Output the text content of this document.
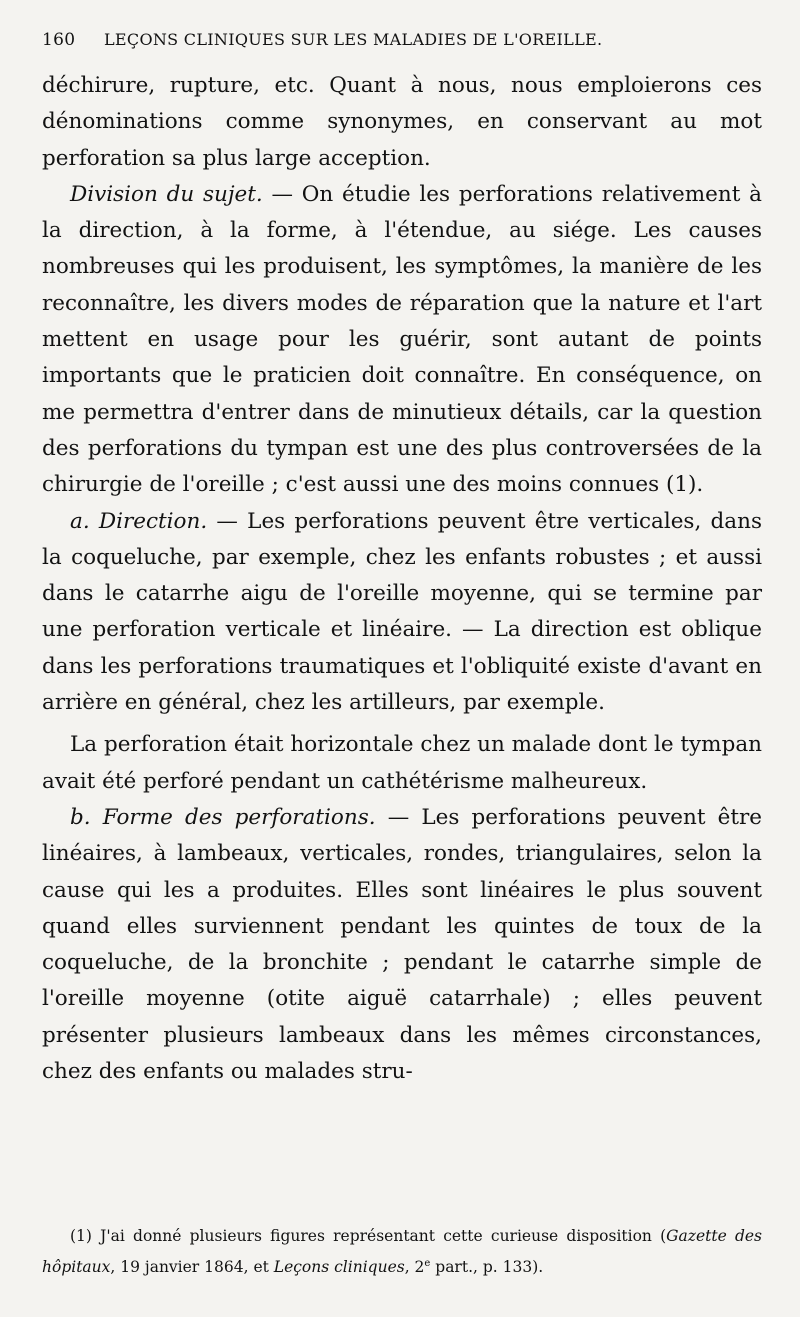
160	LEÇONS CLINIQUES SUR LES MALADIES DE L'OREILLE.

déchirure, rupture, etc. Quant à nous, nous emploierons ces dénominations comme synonymes, en conservant au mot perforation sa plus large acception.

Division du sujet. — On étudie les perforations relativement à la direction, à la forme, à l'étendue, au siége. Les causes nombreuses qui les produisent, les symptômes, la manière de les reconnaître, les divers modes de réparation que la nature et l'art mettent en usage pour les guérir, sont autant de points importants que le praticien doit connaître. En conséquence, on me permettra d'entrer dans de minutieux détails, car la question des perforations du tympan est une des plus controversées de la chirurgie de l'oreille ; c'est aussi une des moins connues (1).

a. Direction. — Les perforations peuvent être verticales, dans la coqueluche, par exemple, chez les enfants robustes ; et aussi dans le catarrhe aigu de l'oreille moyenne, qui se termine par une perforation verticale et linéaire. — La direction est oblique dans les perforations traumatiques et l'obliquité existe d'avant en arrière en général, chez les artilleurs, par exemple.

La perforation était horizontale chez un malade dont le tympan avait été perforé pendant un cathétérisme malheureux.

b. Forme des perforations. — Les perforations peuvent être linéaires, à lambeaux, verticales, rondes, triangulaires, selon la cause qui les a produites. Elles sont linéaires le plus souvent quand elles surviennent pendant les quintes de toux de la coqueluche, de la bronchite ; pendant le catarrhe simple de l'oreille moyenne (otite aiguë catarrhale) ; elles peuvent présenter plusieurs lambeaux dans les mêmes circonstances, chez des enfants ou malades stru-

(1) J'ai donné plusieurs figures représentant cette curieuse disposition (Gazette des hôpitaux, 19 janvier 1864, et Leçons cliniques, 2e part., p. 133).
